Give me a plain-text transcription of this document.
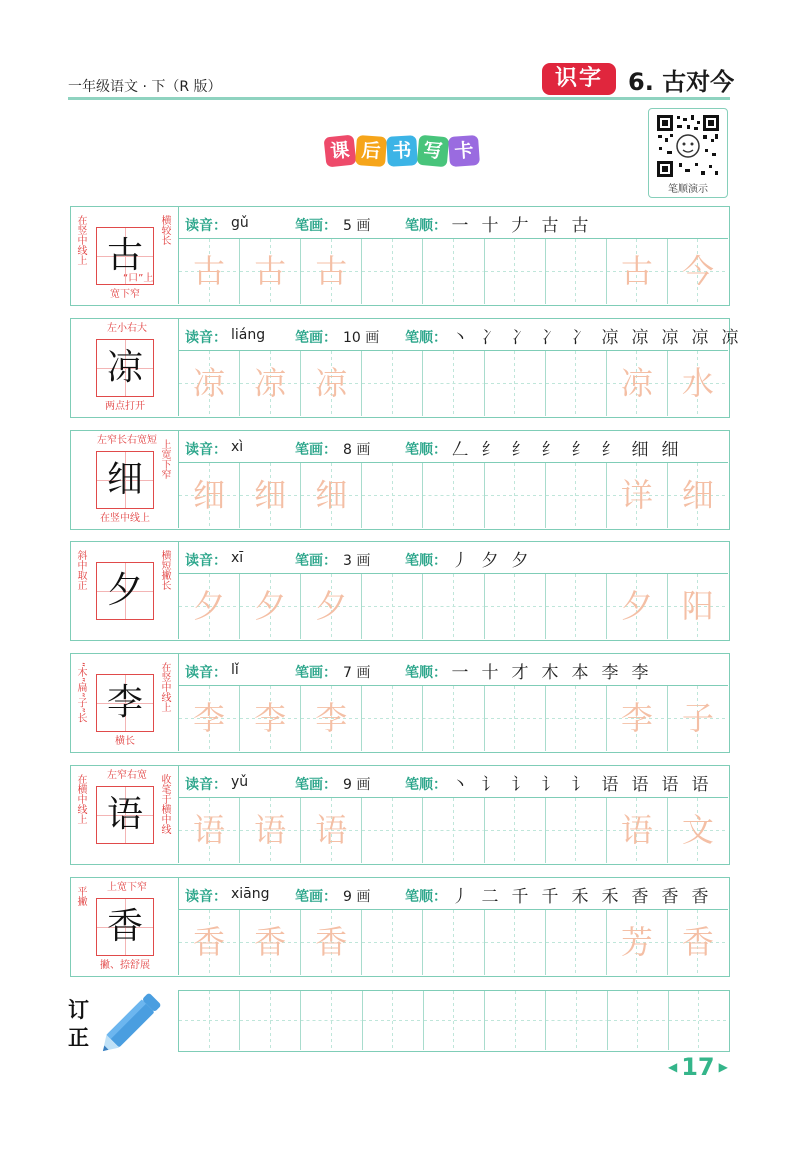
一年级语文 · 下（R 版）	识字	6. 古对今
课 后 书 写 卡
笔顺演示
古
在竖中线上	横较长
“口”上
宽下窄
读音： gǔ	笔画： 5 画 笔顺： 一 十 𠂇 古 古
古 古 古	古 今
凉
左小右大
两点打开
读音： liáng 笔画： 10 画 笔顺： 丶 冫 冫 冫 冫 凉 凉 凉 凉 凉
凉 凉 凉	凉 水
细
左窄长右宽短 上宽下窄
在竖中线上
读音： xì	笔画： 8 画 笔顺： 𠃋 纟 纟 纟 纟 纟 细 细
细 细 细	详 细
夕
斜中取正	横短撇长 读音： xī	笔画： 3 画 笔顺： 丿 夕 夕
夕 夕 夕	夕 阳
李
“木”扁“子”长	在竖中线上
横长
读音： lǐ	笔画： 7 画 笔顺： 一 十 才 木 本 李 李
李 李 李	李 子
语
左窄右宽
在横中线上	收笔于横中线 读音： yǔ	笔画： 9 画 笔顺： 丶 讠 讠 讠 讠 语 语 语 语
语 语 语	语 文
香
上宽下窄
平撇
撇、捺舒展
读音： xiāng 笔画： 9 画 笔顺： 丿 二 千 千 禾 禾 香 香 香
香 香 香	芳 香
订正
◀ 17 ▶
